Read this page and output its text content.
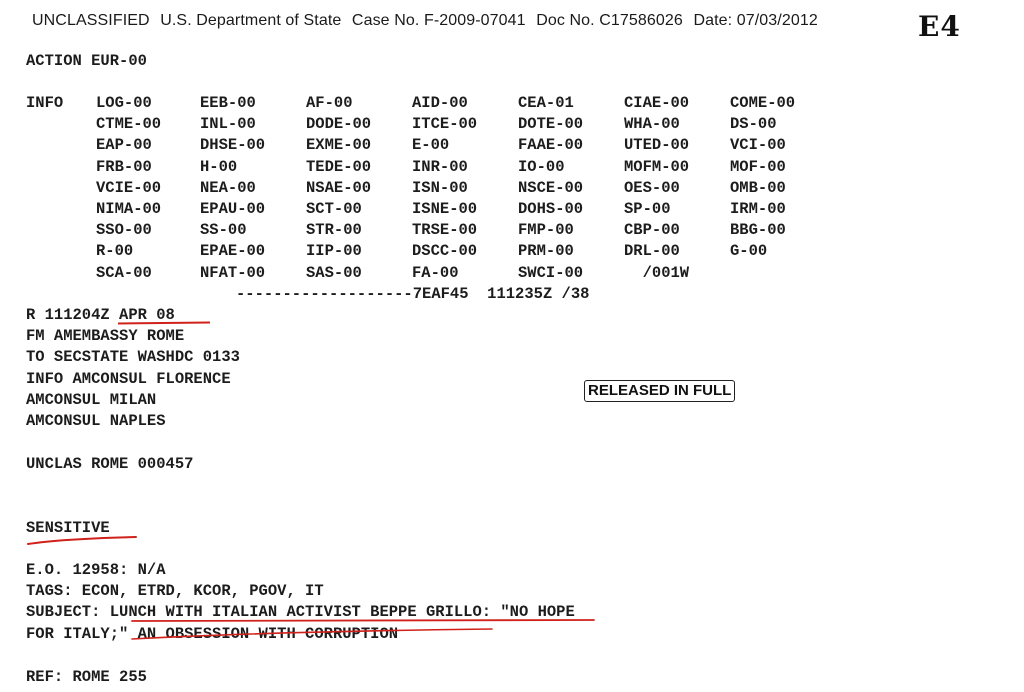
UNCLASSIFIED U.S. Department of State Case No. F-2009-07041 Doc No. C17586026 Date: 07/03/2012	E4
ACTION EUR-00
INFO LOG-00	EEB-00	AF-00	AID-00	CEA-01	CIAE-00	COME-00
CTME-00	INL-00	DODE-00	ITCE-00	DOTE-00	WHA-00	DS-00
EAP-00	DHSE-00	EXME-00	E-00	FAAE-00	UTED-00	VCI-00
FRB-00	H-00	TEDE-00	INR-00	IO-00	MOFM-00	MOF-00
VCIE-00	NEA-00	NSAE-00	ISN-00	NSCE-00	OES-00	OMB-00
NIMA-00	EPAU-00	SCT-00	ISNE-00	DOHS-00	SP-00	IRM-00
SSO-00	SS-00	STR-00	TRSE-00	FMP-00	CBP-00	BBG-00
R-00	EPAE-00	IIP-00	DSCC-00	PRM-00	DRL-00	G-00
SCA-00	NFAT-00	SAS-00	FA-00	SWCI-00	/001W
-------------------7EAF45  111235Z /38
R 111204Z APR 08
FM AMEMBASSY ROME
TO SECSTATE WASHDC 0133
INFO AMCONSUL FLORENCE
AMCONSUL MILAN
AMCONSUL NAPLES
RELEASED IN FULL
UNCLAS ROME 000457
SENSITIVE
E.O. 12958: N/A
TAGS: ECON, ETRD, KCOR, PGOV, IT
SUBJECT: LUNCH WITH ITALIAN ACTIVIST BEPPE GRILLO: "NO HOPE
FOR ITALY;" AN OBSESSION WITH CORRUPTION
REF: ROME 255
